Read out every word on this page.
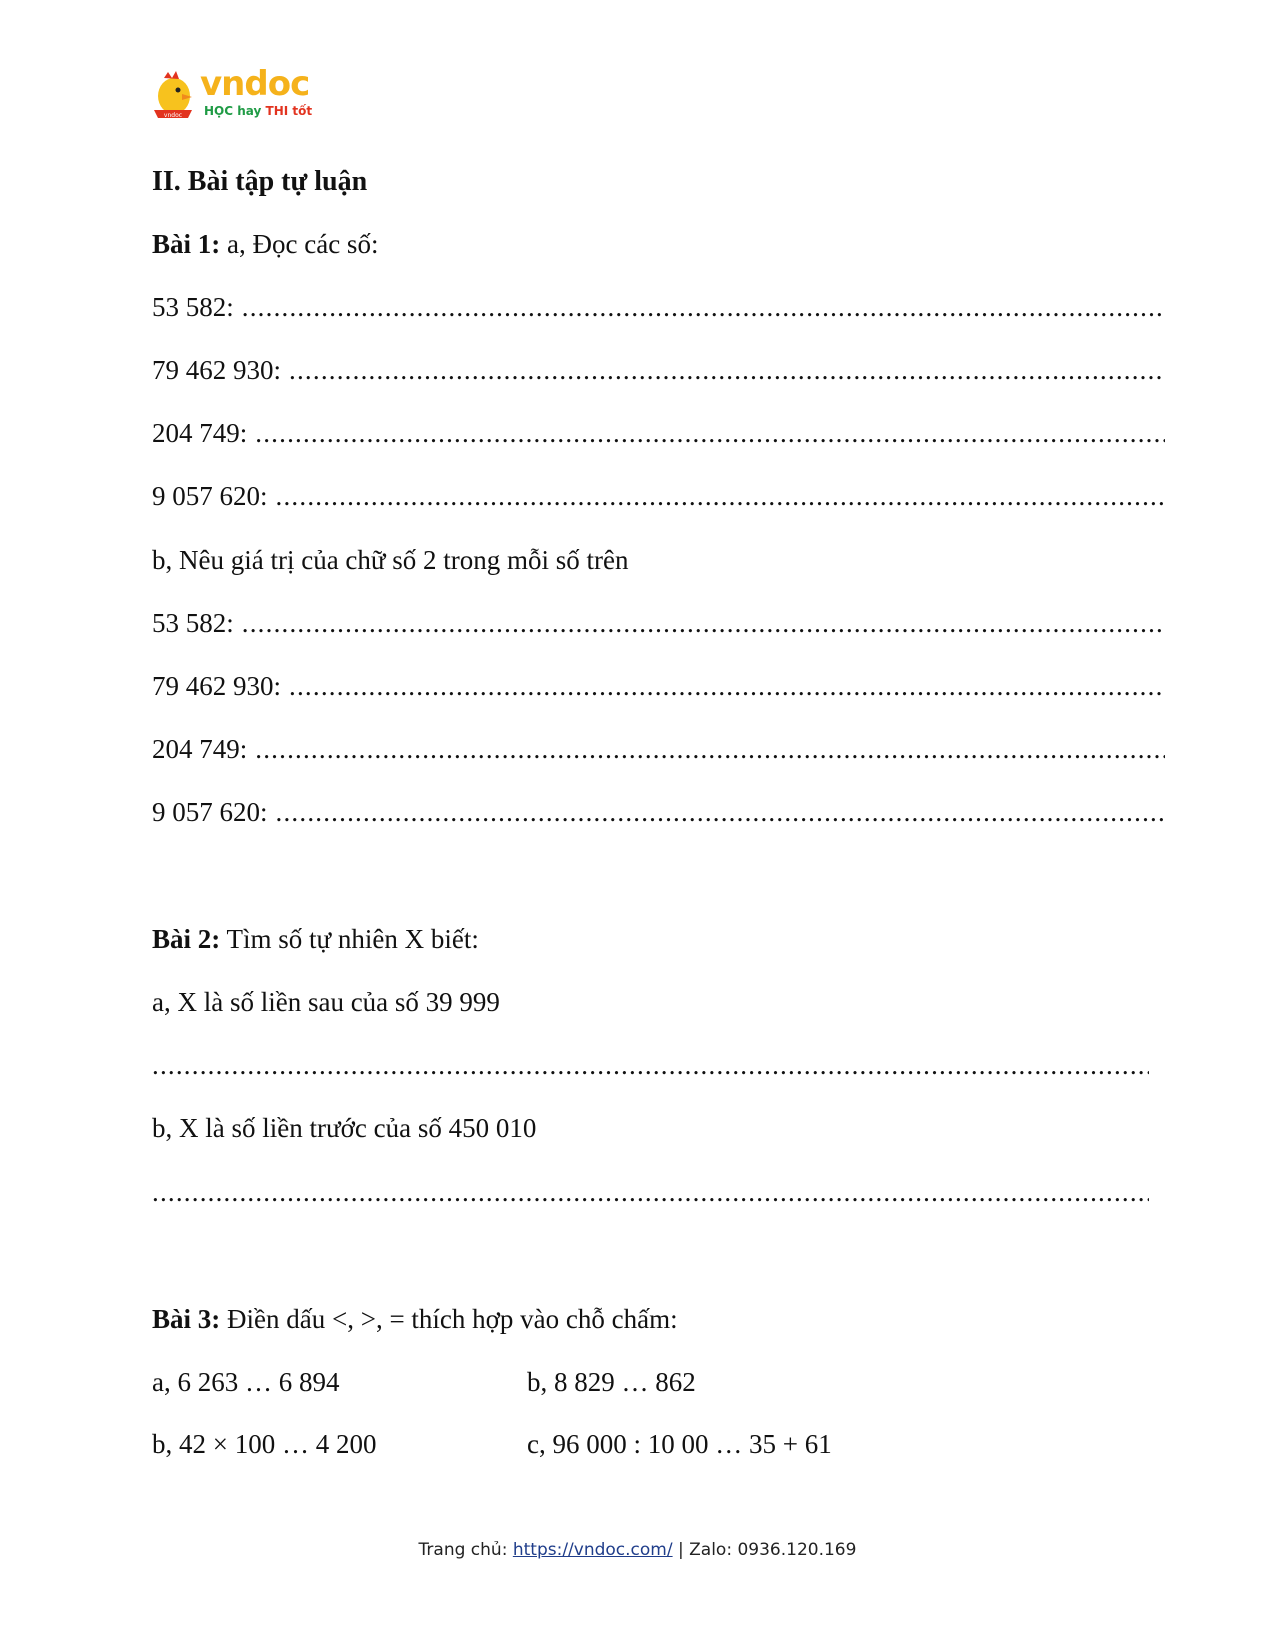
vndoc
vndoc
HỌC hay THI tốt
II. Bài tập tự luận
Bài 1: a, Đọc các số:
53 582:
.....
79 462 930:
.....
204 749:
.....
9 057 620:
.....
b, Nêu giá trị của chữ số 2 trong mỗi số trên
53 582:
.....
79 462 930:
.....
204 749:
.....
9 057 620:
.....
Bài 2: Tìm số tự nhiên X biết:
a, X là số liền sau của số 39 999
.....
b, X là số liền trước của số 450 010
.....
Bài 3: Điền dấu <, >, = thích hợp vào chỗ chấm:
a, 6 263 … 6 894	b, 8 829 … 862
b, 42 × 100 … 4 200	c, 96 000 : 10 00 … 35 + 61
Trang chủ: https://vndoc.com/ | Zalo: 0936.120.169
